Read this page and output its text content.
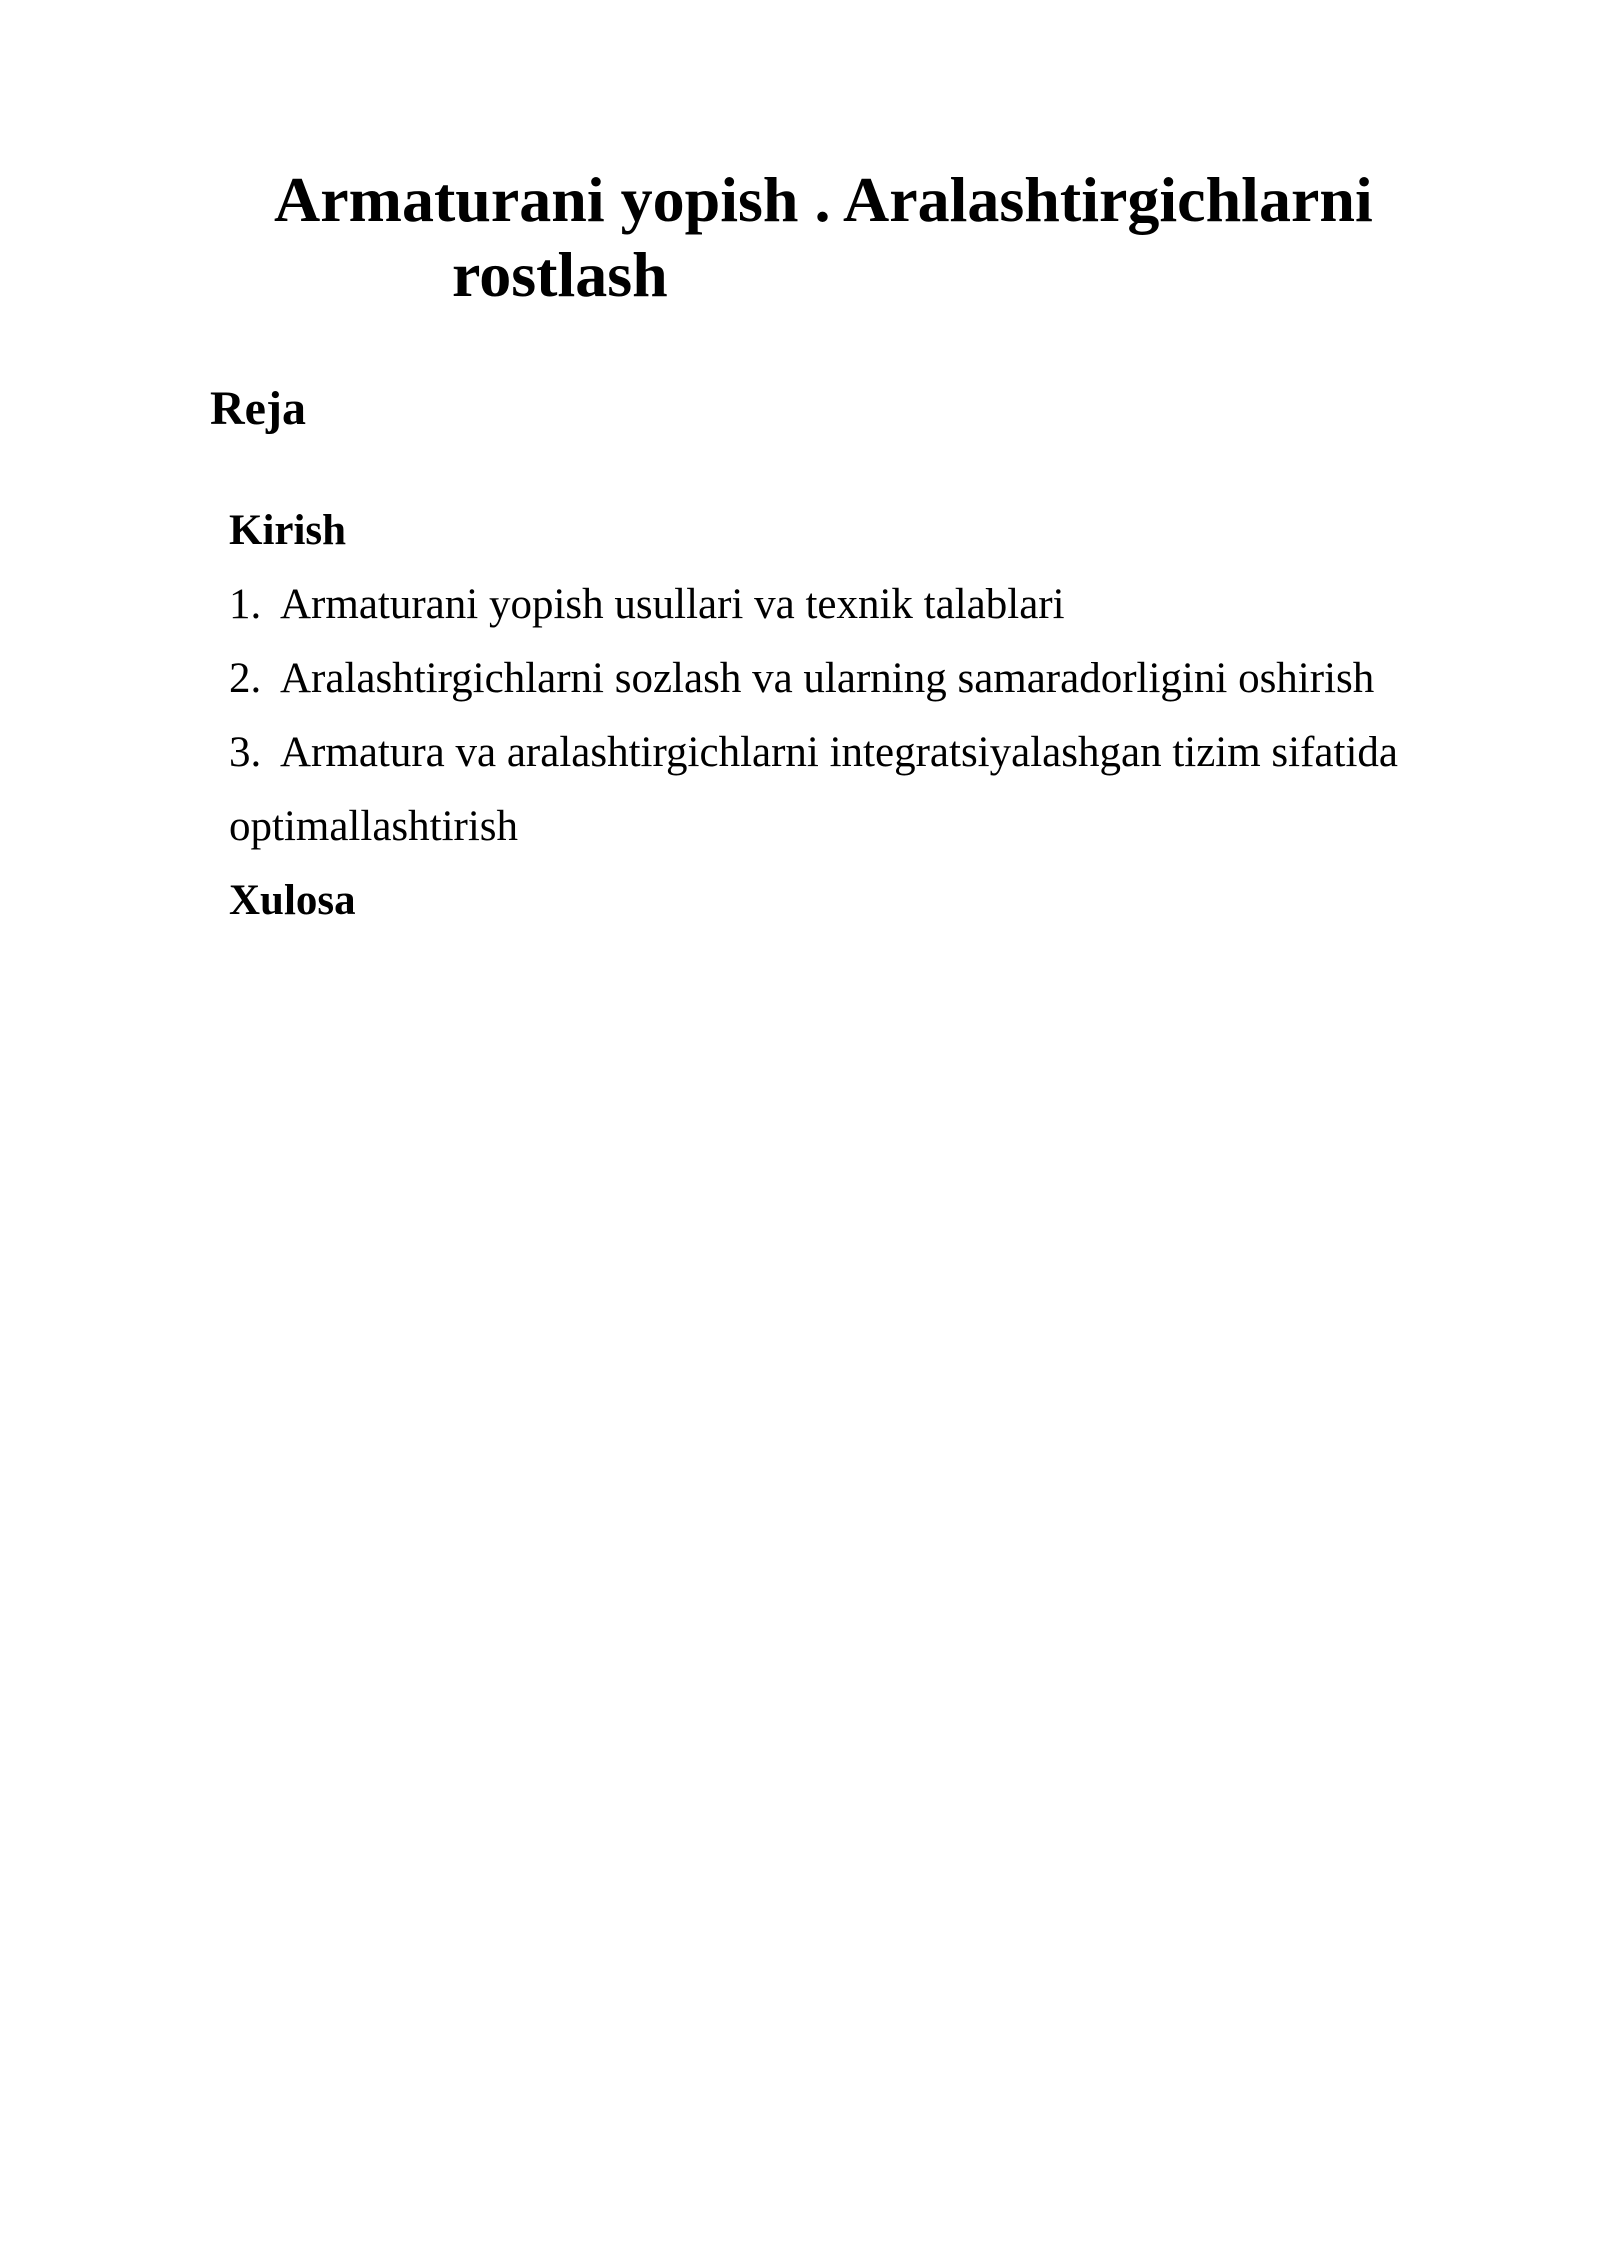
Armaturani yopish . Aralashtirgichlarni
rostlash
Reja

Kirish

1. Armaturani yopish usullari va texnik talablari

2. Aralashtirgichlarni sozlash va ularning samaradorligini oshirish

3. Armatura va aralashtirgichlarni integratsiyalashgan tizim sifatida

optimallashtirish

Xulosa
